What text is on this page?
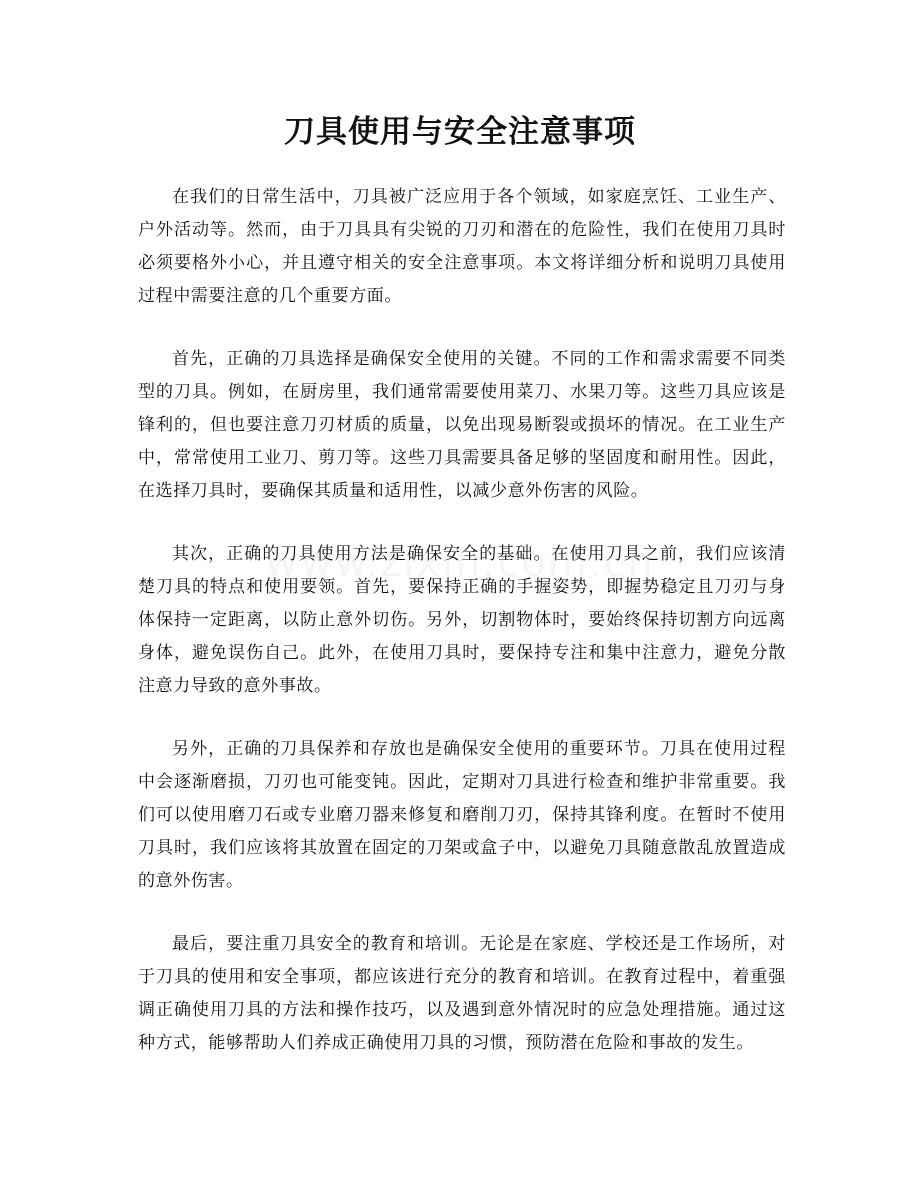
刀具使用与安全注意事项

在我们的日常生活中，刀具被广泛应用于各个领域，如家庭烹饪、工业生产、户外活动等。然而，由于刀具具有尖锐的刀刃和潜在的危险性，我们在使用刀具时必须要格外小心，并且遵守相关的安全注意事项。本文将详细分析和说明刀具使用过程中需要注意的几个重要方面。

首先，正确的刀具选择是确保安全使用的关键。不同的工作和需求需要不同类型的刀具。例如，在厨房里，我们通常需要使用菜刀、水果刀等。这些刀具应该是锋利的，但也要注意刀刃材质的质量，以免出现易断裂或损坏的情况。在工业生产中，常常使用工业刀、剪刀等。这些刀具需要具备足够的坚固度和耐用性。因此，在选择刀具时，要确保其质量和适用性，以减少意外伤害的风险。

其次，正确的刀具使用方法是确保安全的基础。在使用刀具之前，我们应该清楚刀具的特点和使用要领。首先，要保持正确的手握姿势，即握势稳定且刀刃与身体保持一定距离，以防止意外切伤。另外，切割物体时，要始终保持切割方向远离身体，避免误伤自己。此外，在使用刀具时，要保持专注和集中注意力，避免分散注意力导致的意外事故。

另外，正确的刀具保养和存放也是确保安全使用的重要环节。刀具在使用过程中会逐渐磨损，刀刃也可能变钝。因此，定期对刀具进行检查和维护非常重要。我们可以使用磨刀石或专业磨刀器来修复和磨削刀刃，保持其锋利度。在暂时不使用刀具时，我们应该将其放置在固定的刀架或盒子中，以避免刀具随意散乱放置造成的意外伤害。

最后，要注重刀具安全的教育和培训。无论是在家庭、学校还是工作场所，对于刀具的使用和安全事项，都应该进行充分的教育和培训。在教育过程中，着重强调正确使用刀具的方法和操作技巧，以及遇到意外情况时的应急处理措施。通过这种方式，能够帮助人们养成正确使用刀具的习惯，预防潜在危险和事故的发生。
